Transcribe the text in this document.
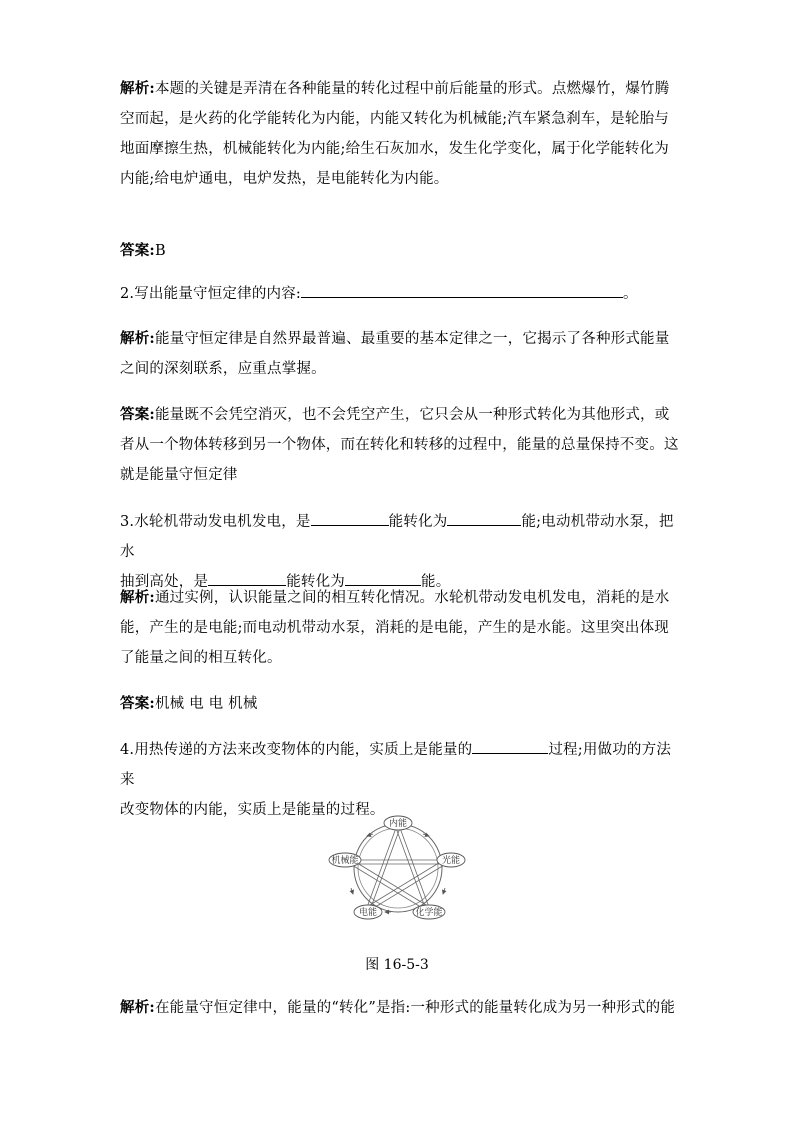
解析:本题的关键是弄清在各种能量的转化过程中前后能量的形式。点燃爆竹，爆竹腾空而起，是火药的化学能转化为内能，内能又转化为机械能;汽车紧急刹车，是轮胎与地面摩擦生热，机械能转化为内能;给生石灰加水，发生化学变化，属于化学能转化为内能;给电炉通电，电炉发热，是电能转化为内能。
答案:B
2.写出能量守恒定律的内容:	。
解析:能量守恒定律是自然界最普遍、最重要的基本定律之一，它揭示了各种形式能量之间的深刻联系，应重点掌握。
答案:能量既不会凭空消灭，也不会凭空产生，它只会从一种形式转化为其他形式，或者从一个物体转移到另一个物体，而在转化和转移的过程中，能量的总量保持不变。这就是能量守恒定律
3.水轮机带动发电机发电，是	能转化为	能;电动机带动水泵，把水
抽到高处，是	能转化为	能。
解析:通过实例，认识能量之间的相互转化情况。水轮机带动发电机发电，消耗的是水能，产生的是电能;而电动机带动水泵，消耗的是电能，产生的是水能。这里突出体现了能量之间的相互转化。
答案:机械 电 电 机械
4.用热传递的方法来改变物体的内能，实质上是能量的	过程;用做功的方法来
改变物体的内能，实质上是能量的过程。
内能
光能
化学能
电能
机械能
图 16-5-3
解析:在能量守恒定律中，能量的“转化”是指:一种形式的能量转化成为另一种形式的能
